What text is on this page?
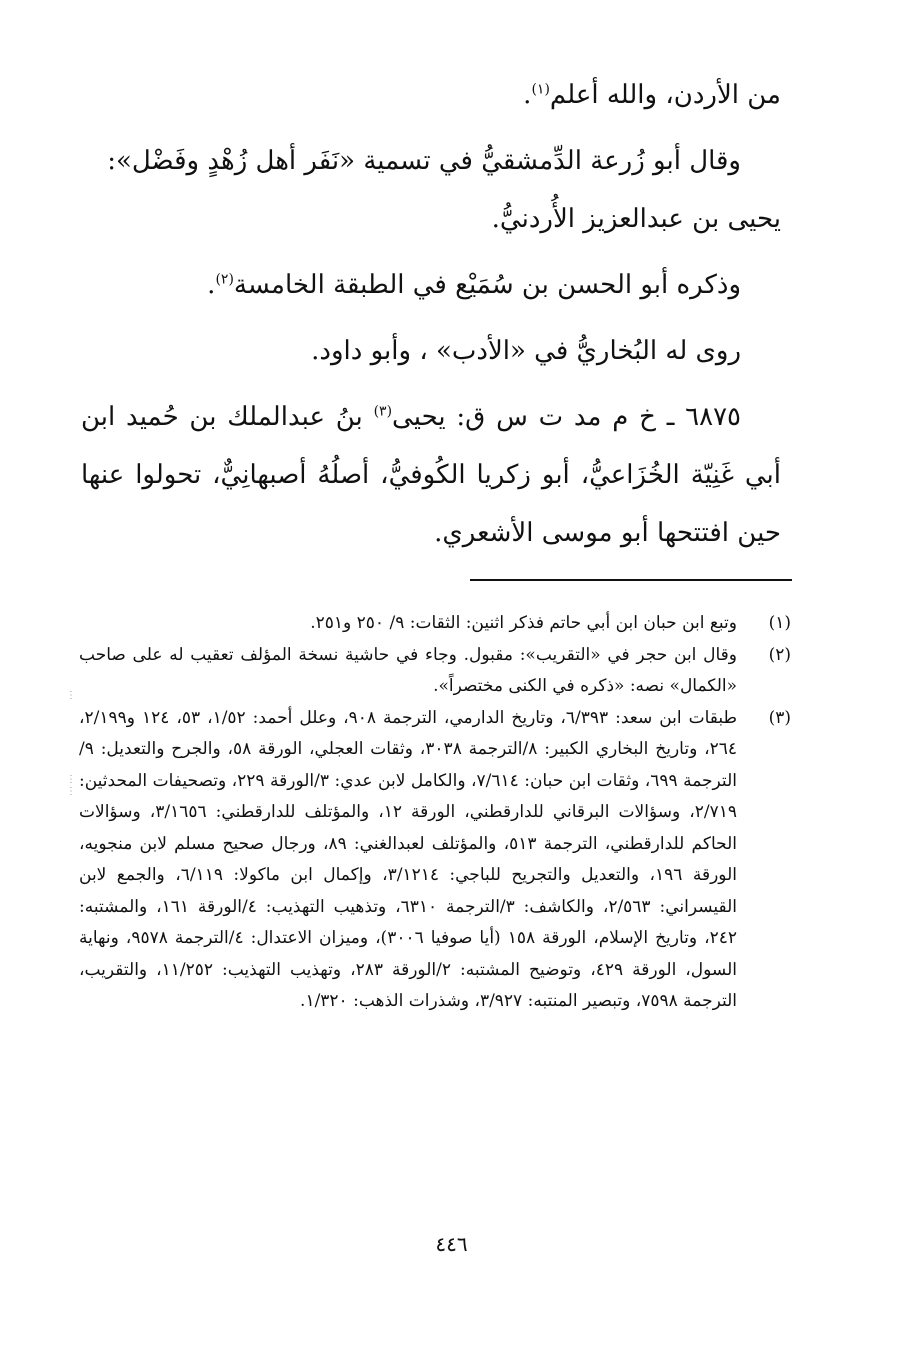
من الأردن، والله أعلم$^{(١)}$.

وقال أبو زُرعة الدِّمشقيُّ في تسمية «نَفَر أهل زُهْدٍ وفَضْل»:
يحيى بن عبدالعزيز الأُردنيُّ.

وذكره أبو الحسن بن سُمَيْع في الطبقة الخامسة$^{(٢)}$.

روى له البُخاريُّ في «الأدب» ، وأبو داود.

٦٨٧٥ ـ خ م مد ت س ق: يحيى$^{(٣)}$ بنُ عبدالملك بن حُميد ابن أبي غَنِيّة الخُزَاعيُّ، أبو زكريا الكُوفيُّ، أصلُهُ أصبهانِيٌّ، تحولوا عنها حين افتتحها أبو موسى الأشعري.

(١)
وتبع ابن حبان ابن أبي حاتم فذكر اثنين: الثقات: ٩/ ٢٥٠ و٢٥١.
(٢)
وقال ابن حجر في «التقريب»: مقبول. وجاء في حاشية نسخة المؤلف تعقيب له على صاحب «الكمال» نصه: «ذكره في الكنى مختصراً».
(٣)
طبقات ابن سعد: ٦/٣٩٣، وتاريخ الدارمي، الترجمة ٩٠٨، وعلل أحمد: ١/٥٢، ٥٣، ١٢٤ و٢/١٩٩، ٢٦٤، وتاريخ البخاري الكبير: ٨/الترجمة ٣٠٣٨، وثقات العجلي، الورقة ٥٨، والجرح والتعديل: ٩/الترجمة ٦٩٩، وثقات ابن حبان: ٧/٦١٤، والكامل لابن عدي: ٣/الورقة ٢٢٩، وتصحيفات المحدثين: ٢/٧١٩، وسؤالات البرقاني للدارقطني، الورقة ١٢، والمؤتلف للدارقطني: ٣/١٦٥٦، وسؤالات الحاكم للدارقطني، الترجمة ٥١٣، والمؤتلف لعبدالغني: ٨٩، ورجال صحيح مسلم لابن منجويه، الورقة ١٩٦، والتعديل والتجريح للباجي: ٣/١٢١٤، وإكمال ابن ماكولا: ٦/١١٩، والجمع لابن القيسراني: ٢/٥٦٣، والكاشف: ٣/الترجمة ٦٣١٠، وتذهيب التهذيب: ٤/الورقة ١٦١، والمشتبه: ٢٤٢، وتاريخ الإسلام، الورقة ١٥٨ (أيا صوفيا ٣٠٠٦)، وميزان الاعتدال: ٤/الترجمة ٩٥٧٨، ونهاية السول، الورقة ٤٢٩، وتوضيح المشتبه: ٢/الورقة ٢٨٣، وتهذيب التهذيب: ١١/٢٥٢، والتقريب، الترجمة ٧٥٩٨، وتبصير المنتبه: ٣/٩٢٧، وشذرات الذهب: ١/٣٢٠.
٤٤٦
⋮

⋮
⋮
